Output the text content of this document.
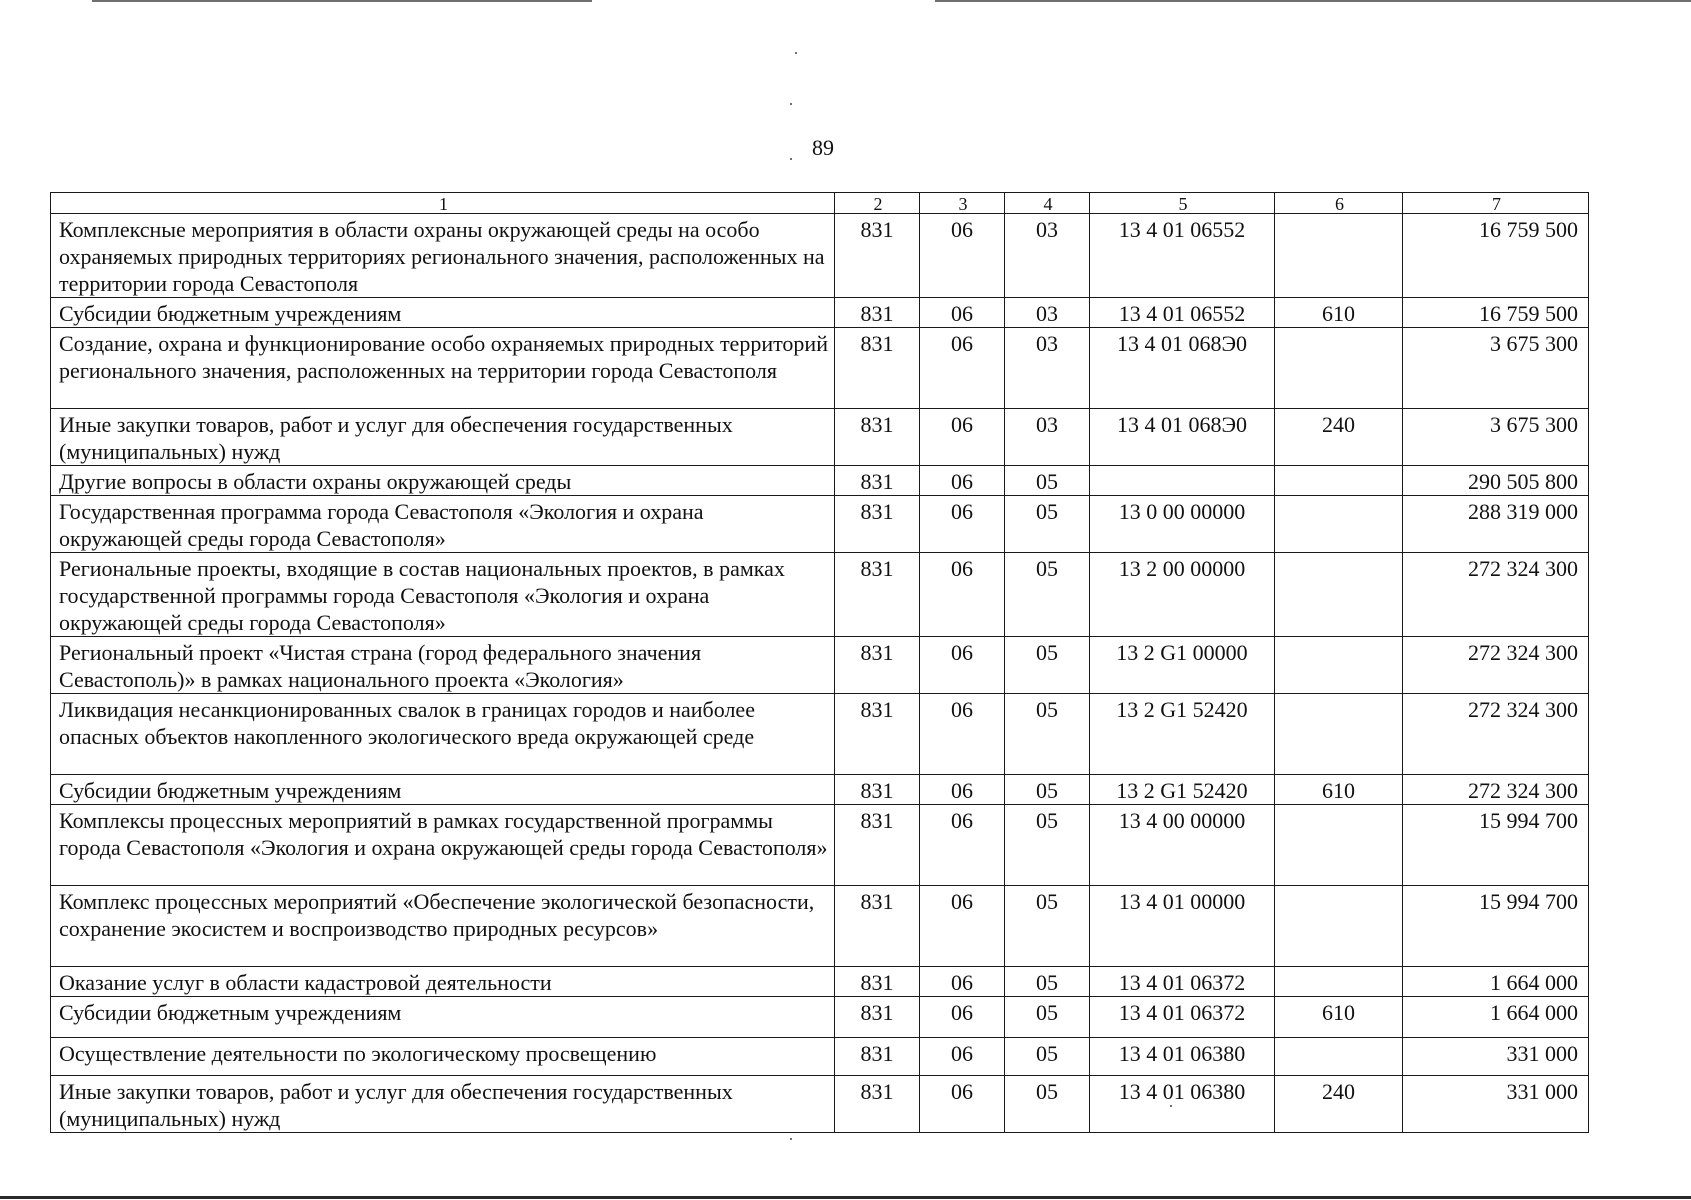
89
1	2	3	4	5	6	7
Комплексные мероприятия в области охраны окружающей среды на особо охраняемых природных территориях регионального значения, расположенных на территории города Севастополя	831	06	03	13 4 01 06552		16 759 500
Субсидии бюджетным учреждениям	831	06	03	13 4 01 06552	610	16 759 500
Создание, охрана и функционирование особо охраняемых природных территорий регионального значения, расположенных на территории города Севастополя	831	06	03	13 4 01 068Э0		3 675 300
Иные закупки товаров, работ и услуг для обеспечения государственных (муниципальных) нужд	831	06	03	13 4 01 068Э0	240	3 675 300
Другие вопросы в области охраны окружающей среды	831	06	05			290 505 800
Государственная программа города Севастополя «Экология и охрана окружающей среды города Севастополя»	831	06	05	13 0 00 00000		288 319 000
Региональные проекты, входящие в состав национальных проектов, в рамках государственной программы города Севастополя «Экология и охрана окружающей среды города Севастополя»	831	06	05	13 2 00 00000		272 324 300
Региональный проект «Чистая страна (город федерального значения Севастополь)» в рамках национального проекта «Экология»	831	06	05	13 2 G1 00000		272 324 300
Ликвидация несанкционированных свалок в границах городов и наиболее опасных объектов накопленного экологического вреда окружающей среде	831	06	05	13 2 G1 52420		272 324 300
Субсидии бюджетным учреждениям	831	06	05	13 2 G1 52420	610	272 324 300
Комплексы процессных мероприятий в рамках государственной программы города Севастополя «Экология и охрана окружающей среды города Севастополя»	831	06	05	13 4 00 00000		15 994 700
Комплекс процессных мероприятий «Обеспечение экологической безопасности, сохранение экосистем и воспроизводство природных ресурсов»	831	06	05	13 4 01 00000		15 994 700
Оказание услуг в области кадастровой деятельности	831	06	05	13 4 01 06372		1 664 000
Субсидии бюджетным учреждениям	831	06	05	13 4 01 06372	610	1 664 000
Осуществление деятельности по экологическому просвещению	831	06	05	13 4 01 06380		331 000
Иные закупки товаров, работ и услуг для обеспечения государственных (муниципальных) нужд	831	06	05	13 4 01 06380	240	331 000
